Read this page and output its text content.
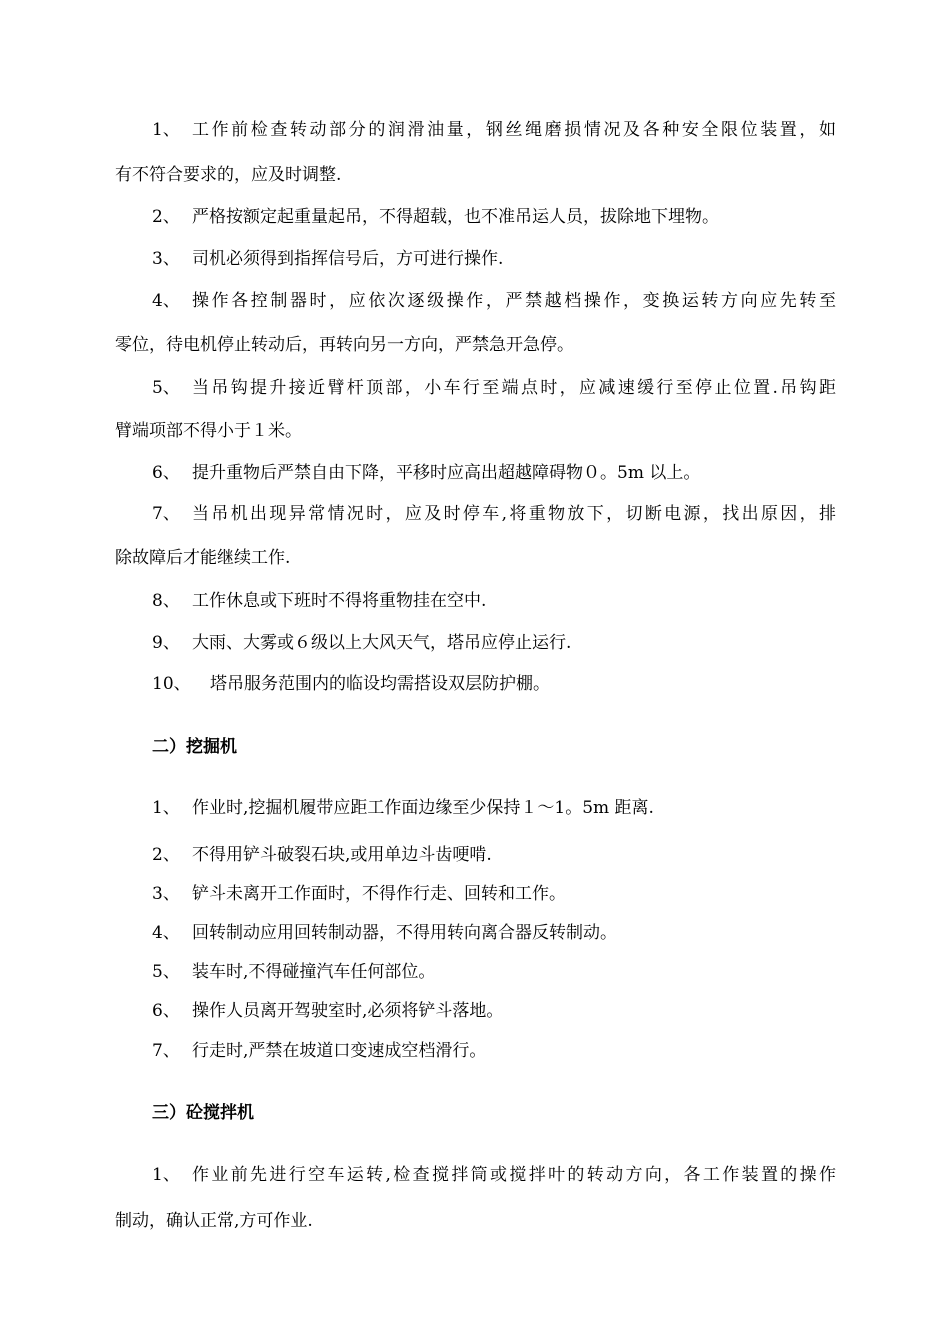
1、 工作前检查转动部分的润滑油量，钢丝绳磨损情况及各种安全限位装置，如
有不符合要求的，应及时调整.
2、 严格按额定起重量起吊，不得超载，也不准吊运人员，拔除地下埋物。
3、 司机必须得到指挥信号后，方可进行操作.
4、 操作各控制器时，应依次逐级操作，严禁越档操作，变换运转方向应先转至
零位，待电机停止转动后，再转向另一方向，严禁急开急停。
5、 当吊钩提升接近臂杆顶部，小车行至端点时，应减速缓行至停止位置.吊钩距
臂端项部不得小于１米。
6、 提升重物后严禁自由下降，平移时应高出超越障碍物０。5m 以上。
7、 当吊机出现异常情况时，应及时停车,将重物放下，切断电源，找出原因，排
除故障后才能继续工作.
8、 工作休息或下班时不得将重物挂在空中.
9、 大雨、大雾或６级以上大风天气，塔吊应停止运行.
10、 塔吊服务范围内的临设均需搭设双层防护棚。
二）挖掘机
1、 作业时,挖掘机履带应距工作面边缘至少保持１～1。5m 距离.
2、 不得用铲斗破裂石块,或用单边斗齿哽啃.
3、 铲斗未离开工作面时，不得作行走、回转和工作。
4、 回转制动应用回转制动器，不得用转向离合器反转制动。
5、 装车时,不得碰撞汽车任何部位。
6、 操作人员离开驾驶室时,必须将铲斗落地。
7、 行走时,严禁在坡道口变速成空档滑行。
三）砼搅拌机
1、 作业前先进行空车运转,检查搅拌筒或搅拌叶的转动方向，各工作装置的操作
制动，确认正常,方可作业.
